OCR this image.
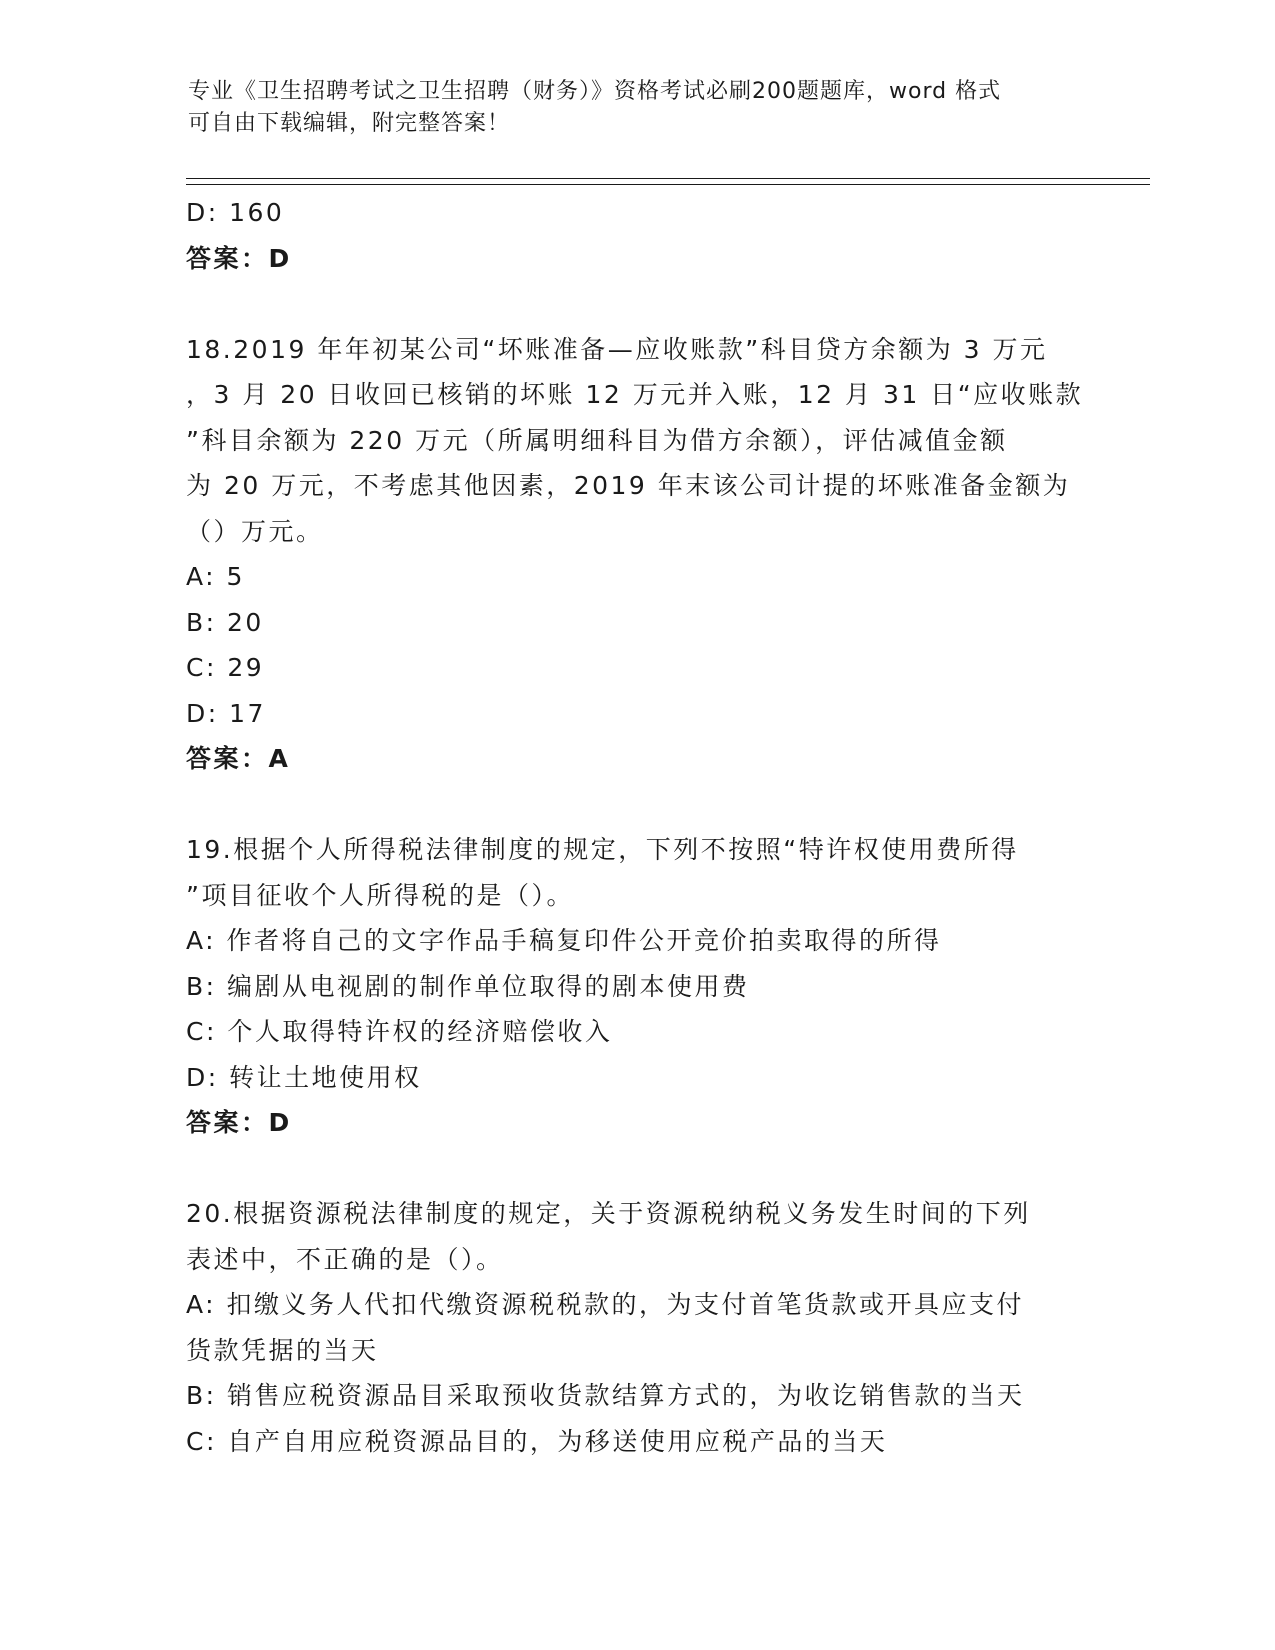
专业《卫生招聘考试之卫生招聘（财务）》资格考试必刷200题题库，word 格式
可自由下载编辑，附完整答案！
D: 160
答案：D
18.2019 年年初某公司“坏账准备—应收账款”科目贷方余额为 3 万元
，3 月 20 日收回已核销的坏账 12 万元并入账，12 月 31 日“应收账款
”科目余额为 220 万元（所属明细科目为借方余额），评估减值金额
为 20 万元，不考虑其他因素，2019 年末该公司计提的坏账准备金额为
（）万元。
A: 5
B: 20
C: 29
D: 17
答案：A
19.根据个人所得税法律制度的规定，下列不按照“特许权使用费所得
”项目征收个人所得税的是（）。
A: 作者将自己的文字作品手稿复印件公开竞价拍卖取得的所得
B: 编剧从电视剧的制作单位取得的剧本使用费
C: 个人取得特许权的经济赔偿收入
D: 转让土地使用权
答案：D
20.根据资源税法律制度的规定，关于资源税纳税义务发生时间的下列
表述中，不正确的是（）。
A: 扣缴义务人代扣代缴资源税税款的，为支付首笔货款或开具应支付
货款凭据的当天
B: 销售应税资源品目采取预收货款结算方式的，为收讫销售款的当天
C: 自产自用应税资源品目的，为移送使用应税产品的当天
